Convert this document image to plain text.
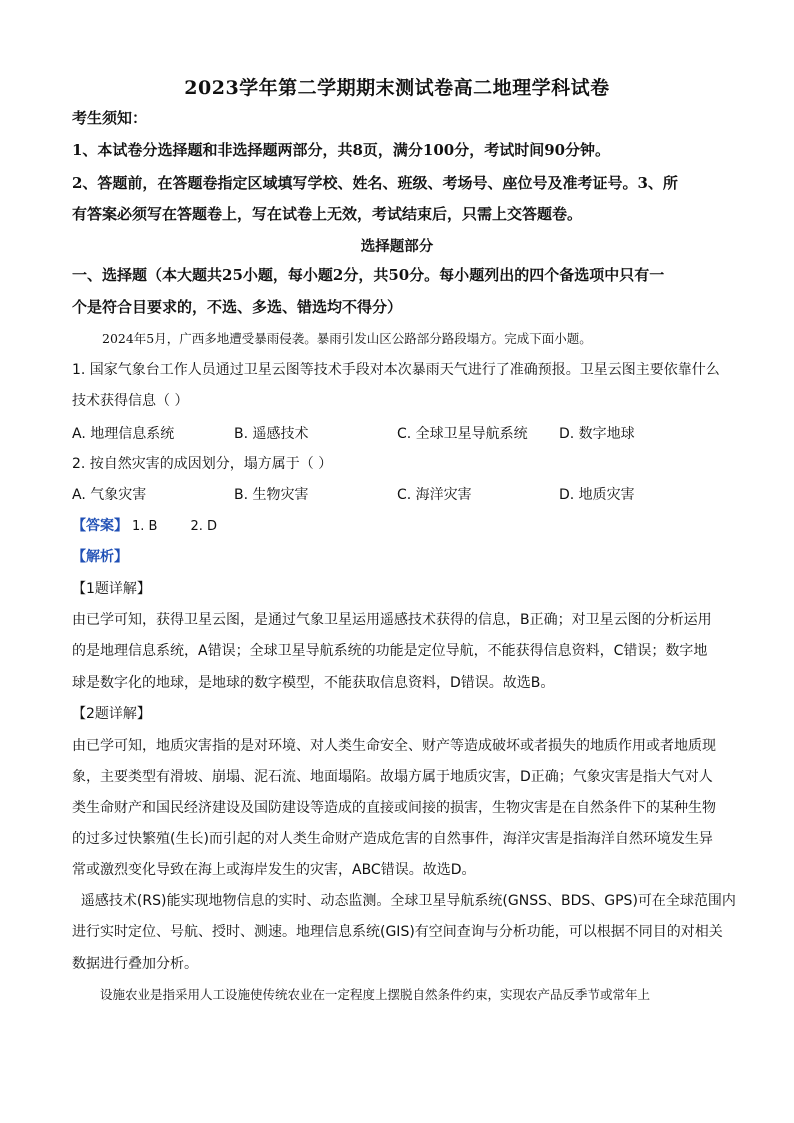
2023学年第二学期期末测试卷高二地理学科试卷
考生须知：
1、本试卷分选择题和非选择题两部分，共8页，满分100分，考试时间90分钟。
2、答题前，在答题卷指定区域填写学校、姓名、班级、考场号、座位号及准考证号。3、所
有答案必须写在答题卷上，写在试卷上无效，考试结束后，只需上交答题卷。
选择题部分
一、选择题（本大题共25小题，每小题2分，共50分。每小题列出的四个备选项中只有一
个是符合目要求的，不选、多选、错选均不得分）
2024年5月，广西多地遭受暴雨侵袭。暴雨引发山区公路部分路段塌方。完成下面小题。
1. 国家气象台工作人员通过卫星云图等技术手段对本次暴雨天气进行了准确预报。卫星云图主要依靠什么
技术获得信息（ ）
A. 地理信息系统	B. 遥感技术	C. 全球卫星导航系统 D. 数字地球
2. 按自然灾害的成因划分，塌方属于（ ）
A. 气象灾害	B. 生物灾害	C. 海洋灾害	D. 地质灾害
【答案】 1. B        2. D
【解析】
【1题详解】
由已学可知，获得卫星云图，是通过气象卫星运用遥感技术获得的信息，B正确；对卫星云图的分析运用
的是地理信息系统，A错误；全球卫星导航系统的功能是定位导航，不能获得信息资料，C错误；数字地
球是数字化的地球，是地球的数字模型，不能获取信息资料，D错误。故选B。
【2题详解】
由已学可知，地质灾害指的是对环境、对人类生命安全、财产等造成破坏或者损失的地质作用或者地质现
象，主要类型有滑坡、崩塌、泥石流、地面塌陷。故塌方属于地质灾害，D正确；气象灾害是指大气对人
类生命财产和国民经济建设及国防建设等造成的直接或间接的损害，生物灾害是在自然条件下的某种生物
的过多过快繁殖(生长)而引起的对人类生命财产造成危害的自然事件，海洋灾害是指海洋自然环境发生异
常或激烈变化导致在海上或海岸发生的灾害，ABC错误。故选D。
遥感技术(RS)能实现地物信息的实时、动态监测。全球卫星导航系统(GNSS、BDS、GPS)可在全球范围内
进行实时定位、号航、授时、测速。地理信息系统(GIS)有空间查询与分析功能，可以根据不同目的对相关
数据进行叠加分析。
设施农业是指采用人工设施使传统农业在一定程度上摆脱自然条件约束，实现农产品反季节或常年上
